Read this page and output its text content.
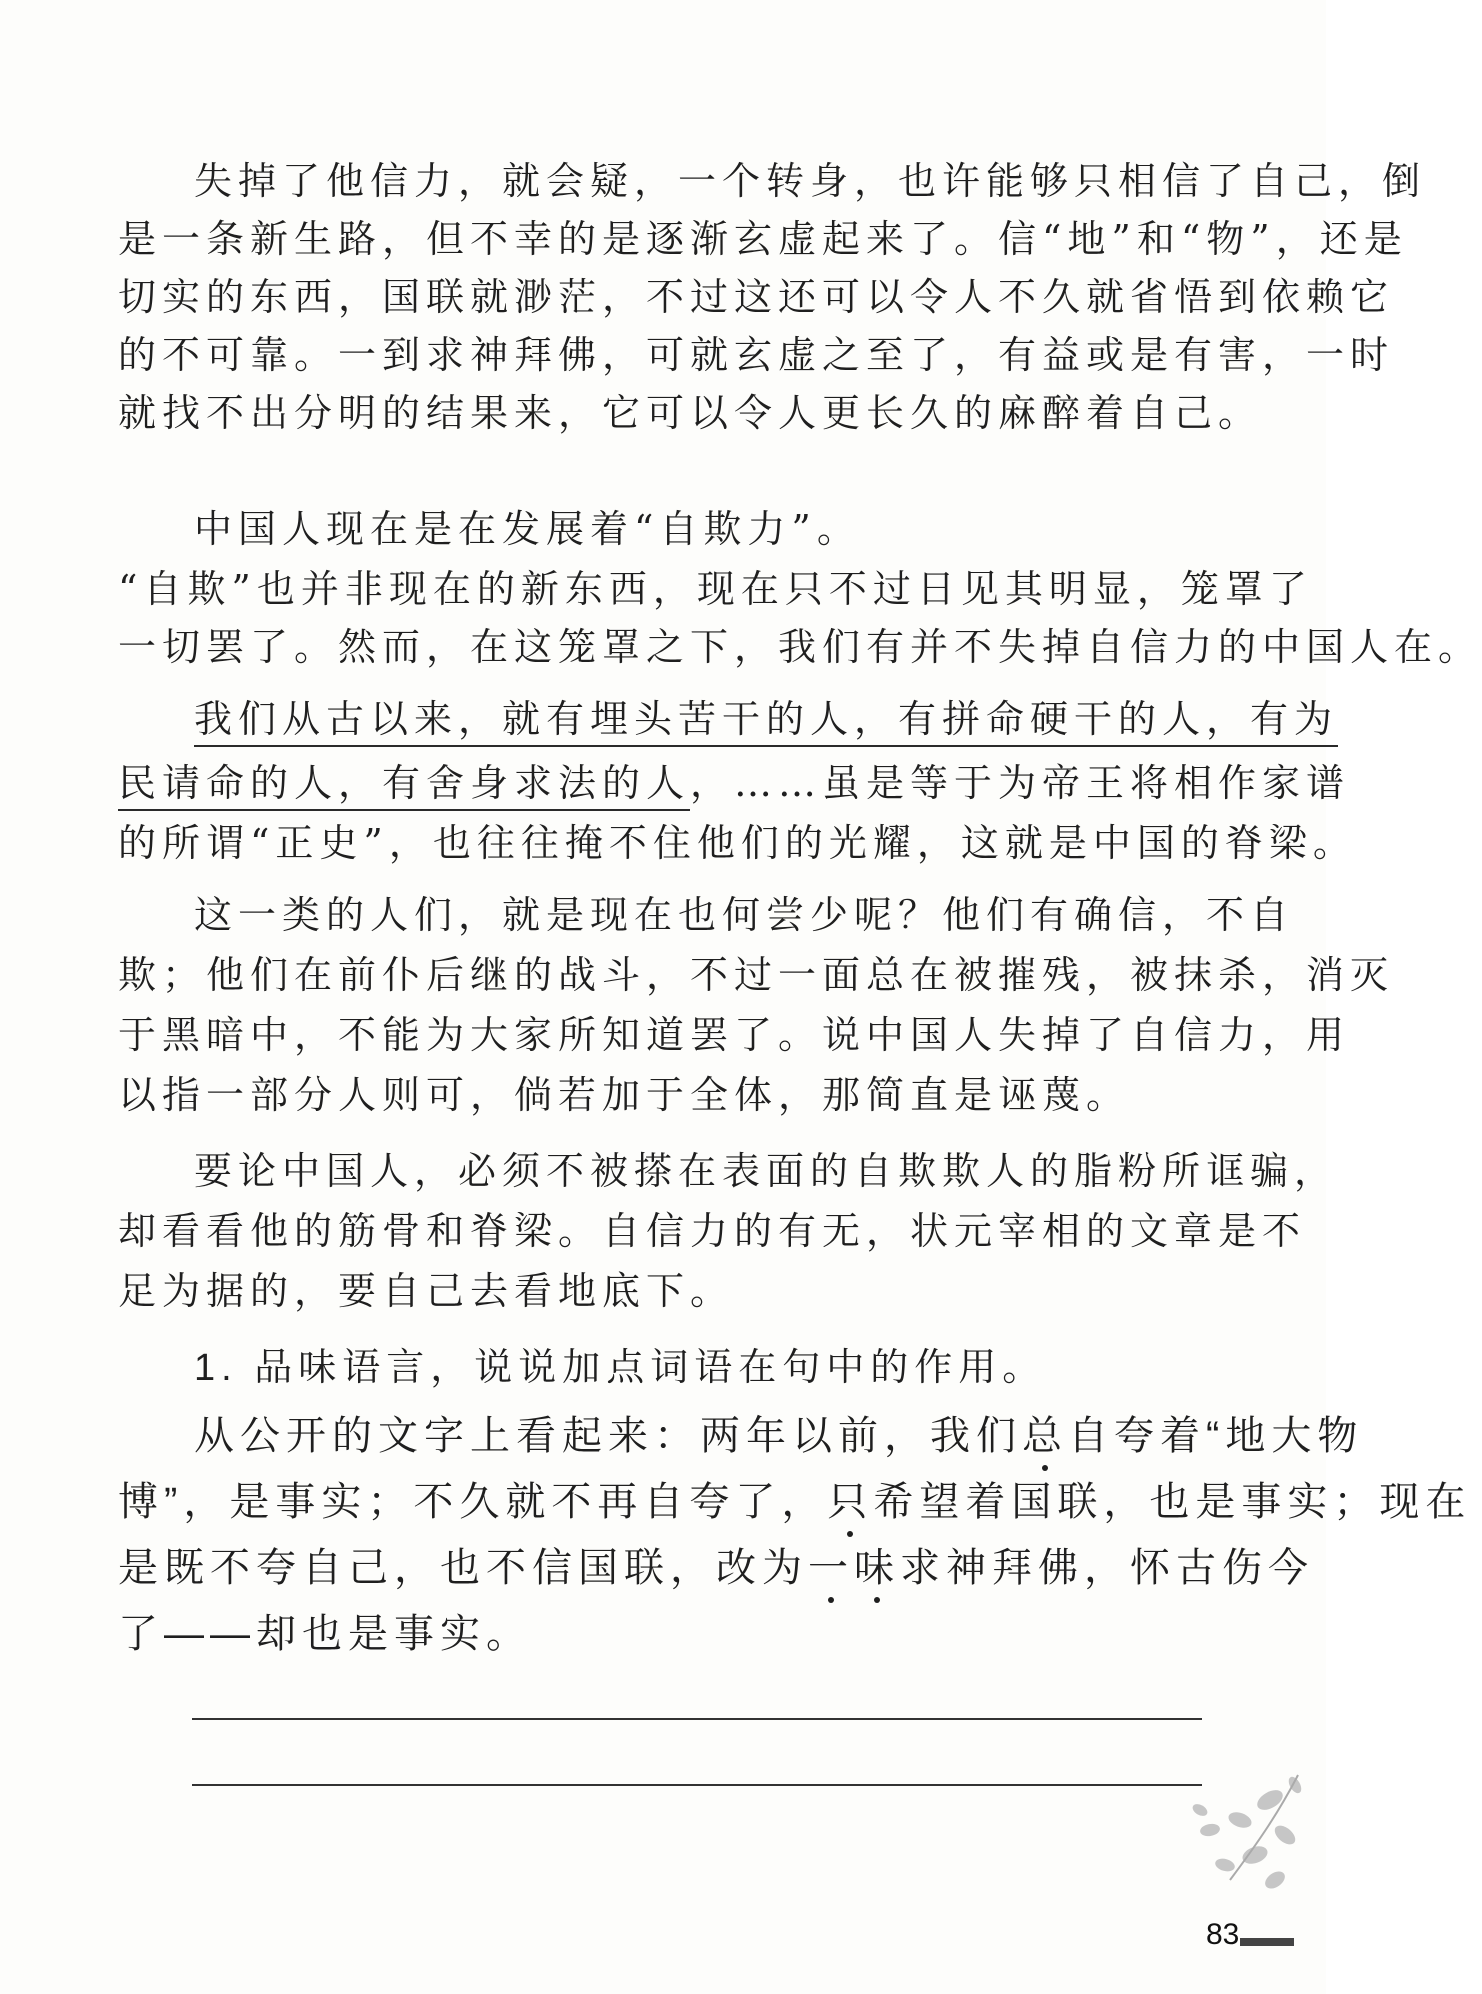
失掉了他信力，就会疑，一个转身，也许能够只相信了自己，倒
是一条新生路，但不幸的是逐渐玄虚起来了。信“地”和“物”，还是
切实的东西，国联就渺茫，不过这还可以令人不久就省悟到依赖它
的不可靠。一到求神拜佛，可就玄虚之至了，有益或是有害，一时
就找不出分明的结果来，它可以令人更长久的麻醉着自己。
中国人现在是在发展着“自欺力”。
“自欺”也并非现在的新东西，现在只不过日见其明显，笼罩了
一切罢了。然而，在这笼罩之下，我们有并不失掉自信力的中国人在。
我们从古以来，就有埋头苦干的人，有拼命硬干的人，有为
民请命的人，有舍身求法的人，……虽是等于为帝王将相作家谱
的所谓“正史”，也往往掩不住他们的光耀，这就是中国的脊梁。
这一类的人们，就是现在也何尝少呢？他们有确信，不自
欺；他们在前仆后继的战斗，不过一面总在被摧残，被抹杀，消灭
于黑暗中，不能为大家所知道罢了。说中国人失掉了自信力，用
以指一部分人则可，倘若加于全体，那简直是诬蔑。
要论中国人，必须不被搽在表面的自欺欺人的脂粉所诓骗，
却看看他的筋骨和脊梁。自信力的有无，状元宰相的文章是不
足为据的，要自己去看地底下。
1. 品味语言，说说加点词语在句中的作用。
从公开的文字上看起来：两年以前，我们总自夸着“地大物
博”，是事实；不久就不再自夸了，只希望着国联，也是事实；现在
是既不夸自己，也不信国联，改为一味求神拜佛，怀古伤今
了——却也是事实。
83
